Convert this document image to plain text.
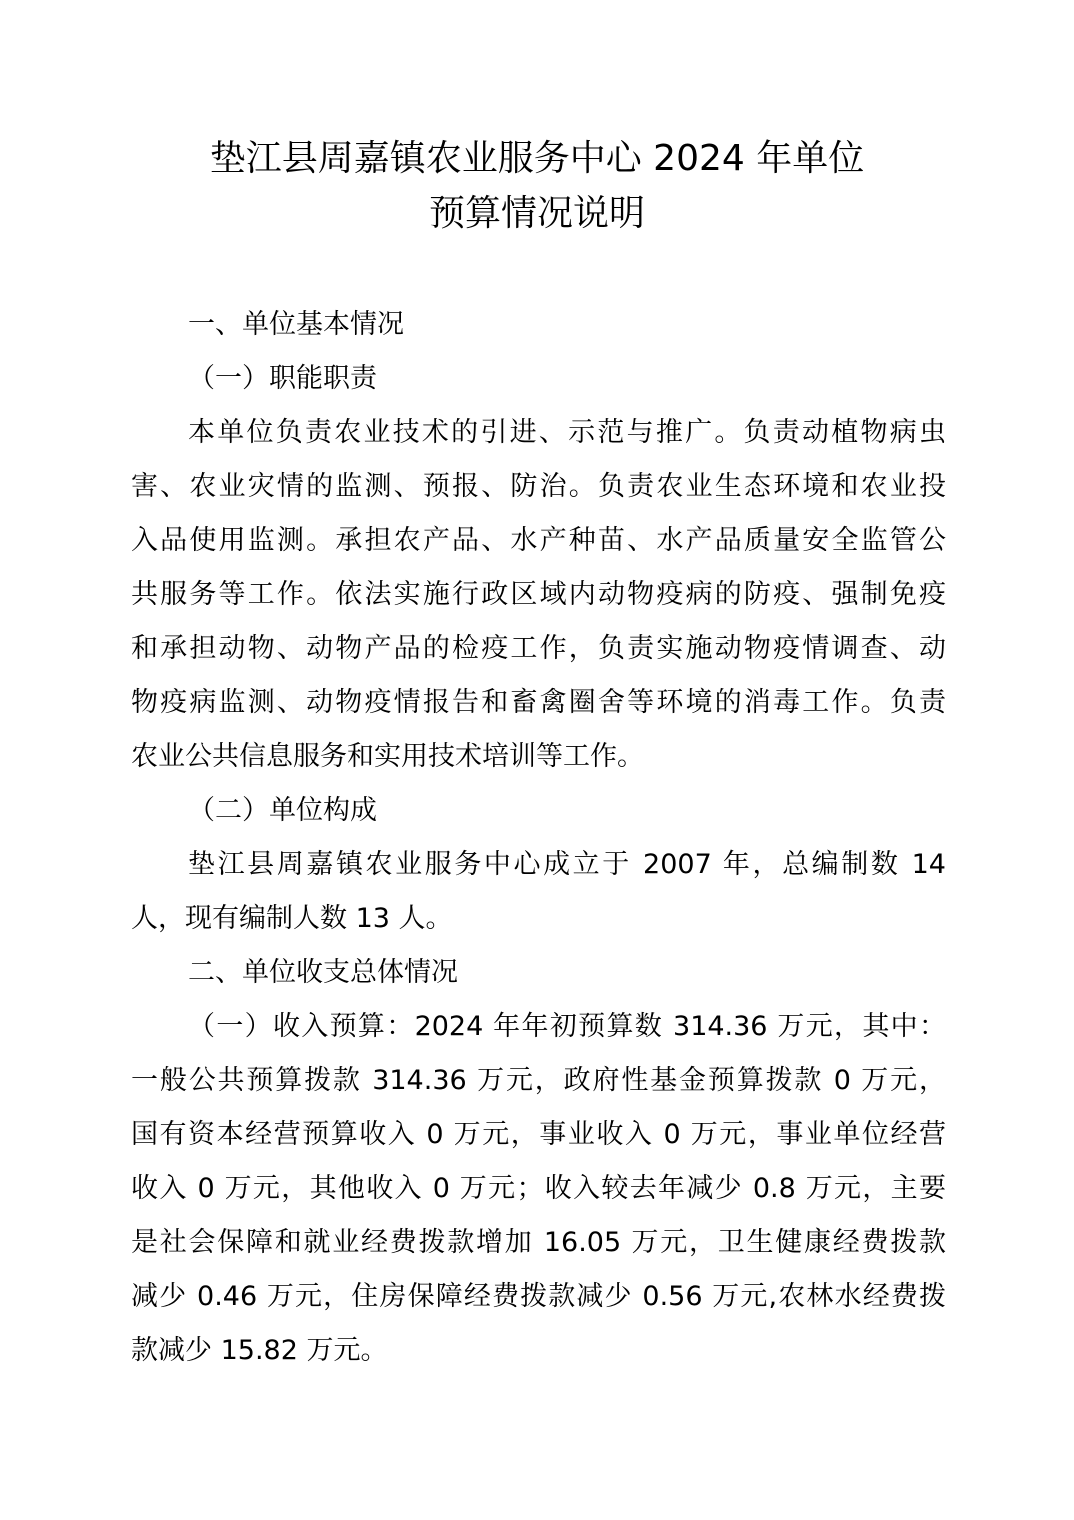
垫江县周嘉镇农业服务中心 2024 年单位
预算情况说明
一、单位基本情况
（一）职能职责
本单位负责农业技术的引进、示范与推广。负责动植物病虫
害、农业灾情的监测、预报、防治。负责农业生态环境和农业投
入品使用监测。承担农产品、水产种苗、水产品质量安全监管公
共服务等工作。依法实施行政区域内动物疫病的防疫、强制免疫
和承担动物、动物产品的检疫工作，负责实施动物疫情调查、动
物疫病监测、动物疫情报告和畜禽圈舍等环境的消毒工作。负责
农业公共信息服务和实用技术培训等工作。
（二）单位构成
垫江县周嘉镇农业服务中心成立于 2007 年，总编制数 14
人，现有编制人数 13 人。
二、单位收支总体情况
（一）收入预算：2024 年年初预算数 314.36 万元，其中：
一般公共预算拨款 314.36 万元，政府性基金预算拨款 0 万元，
国有资本经营预算收入 0 万元，事业收入 0 万元，事业单位经营
收入 0 万元，其他收入 0 万元；收入较去年减少 0.8 万元，主要
是社会保障和就业经费拨款增加 16.05 万元，卫生健康经费拨款
减少 0.46 万元，住房保障经费拨款减少 0.56 万元,农林水经费拨
款减少 15.82 万元。
